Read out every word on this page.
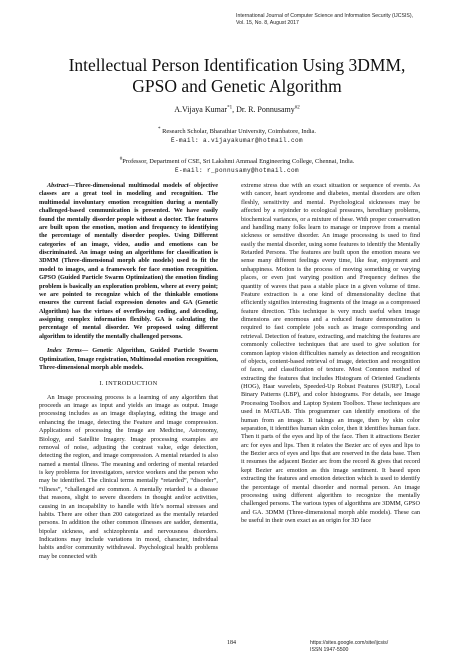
International Journal of Computer Science and Information Security (IJCSIS),
Vol. 15, No. 8, August 2017
Intellectual Person Identification Using 3DMM, GPSO and Genetic Algorithm
A.Vijaya Kumar$^{*1}$, Dr. R. Ponnusamy$^{\#2}$
* Research Scholar, Bharathiar University, Coimbatore, India.
E-mail: a.vijayakumar@hotmail.com
#Professor, Department of CSE, Sri Lakshmi Ammaal Engineering College, Chennai, India.
E-mail: r_ponnusamy@hotmail.com

Abstract—Three-dimensional multimodal models of objective classes are a great tool in modeling and recognition. The multimodal involuntary emotion recognition during a mentally challenged-based communication is presented. We have easily found the mentally disorder people without a doctor. The features are built upon the emotion, motion and frequency to identifying the percentage of mentally disorder peoples. Using Different categories of an image, video, audio and emotions can be discriminated. An image using an algorithms for classification is 3DMM (Three-dimensional morph able models) used to fit the model to images, and a framework for face emotion recognition. GPSO (Guided Particle Swarm Optimization) the emotion finding problem is basically an exploration problem, where at every point; we are pointed to recognize which of the thinkable emotions ensures the current facial expression denotes and GA (Genetic Algorithm) has the virtues of overflowing coding, and decoding, assigning complex information flexibly. GA is calculating the percentage of mental disorder. We proposed using different algorithm to identify the mentally challenged persons.

Index Terms— Genetic Algorithm, Guided Particle Swarm Optimization, Image registration, Multimodal emotion recognition, Three-dimensional morph able models.

I. INTRODUCTION

An Image processing process is a learning of any algorithm that proceeds an image as input and yields an image as output. Image processing includes as an image displaying, editing the image and enhancing the image, detecting the Feature and image compression. Applications of processing the Image are Medicine, Astronomy, Biology, and Satellite Imagery. Image processing examples are removal of noise, adjusting the contrast value, edge detection, detecting the region, and image compression. A mental retarded is also named a mental illness. The meaning and ordering of mental retarded is key problems for investigators, service workers and the person who may be identified. The clinical terms mentally “retarded”, “disorder”, “illness”, “challenged are common. A mentally retarded is a disease that reasons, slight to severe disorders in thought and/or activities, causing in an incapability to handle with life’s normal stresses and habits. There are other than 200 categorized as the mentally retarded persons. In addition the other common illnesses are sadder, dementia, bipolar sickness, and schizophrenia and nervousness disorders. Indications may include variations in mood, character, individual habits and/or community withdrawal. Psychological health problems may be connected with

extreme stress due with an exact situation or sequence of events. As with cancer, heart syndrome and diabetes, mental disorders are often fleshly, sensitivity and mental. Psychological sicknesses may be affected by a rejoinder to ecological pressures, hereditary problems, biochemical variances, or a mixture of these. With proper conservation and handling many folks learn to manage or improve from a mental sickness or sensitive disorder. An image processing is used to find easily the mental disorder, using some features to identify the Mentally Retarded Persons. The features are built upon the emotion means we sense many different feelings every time, like fear, enjoyment and unhappiness. Motion is the process of moving something or varying places, or even just varying position and Frequency defines the quantity of waves that pass a stable place in a given volume of time. Feature extraction is a one kind of dimensionality decline that efficiently signifies interesting fragments of the image as a compressed feature direction. This technique is very much useful when image dimensions are enormous and a reduced feature demonstration is required to fast complete jobs such as image corresponding and retrieval. Detection of feature, extracting, and matching the features are commonly collective techniques that are used to give solution for common laptop vision difficulties namely as detection and recognition of objects, content-based retrieval of image, detection and recognition of faces, and classification of texture. Most Common method of extracting the features that includes Histogram of Oriented Gradients (HOG), Haar wavelets, Speeded-Up Robust Features (SURF), Local Binary Patterns (LBP), and color histograms. For details, see Image Processing Toolbox and Laptop System Toolbox. These techniques are used in MATLAB. This programmer can identify emotions of the human from an image. It takings an image, then by skin color separation, it identifies human skin color, then it identifies human face. Then it parts of the eyes and lip of the face. Then it attractions Bezier arc for eyes and lips. Then it relates the Bezier arc of eyes and lips to the Bezier arcs of eyes and lips that are reserved in the data base. Then it resumes the adjacent Bezier arc from the record & gives that record kept Bezier arc emotion as this image sentiment. It based upon extracting the features and emotion detection which is used to identify the percentage of mental disorder and normal person. An image processing using different algorithm to recognize the mentally challenged persons. The various types of algorithms are 3DMM, GPSO and GA. 3DMM (Three-dimensional morph able models). These can be useful in their own exact as an origin for 3D face

184	https://sites.google.com/site/ijcsis/
ISSN 1947-5500
